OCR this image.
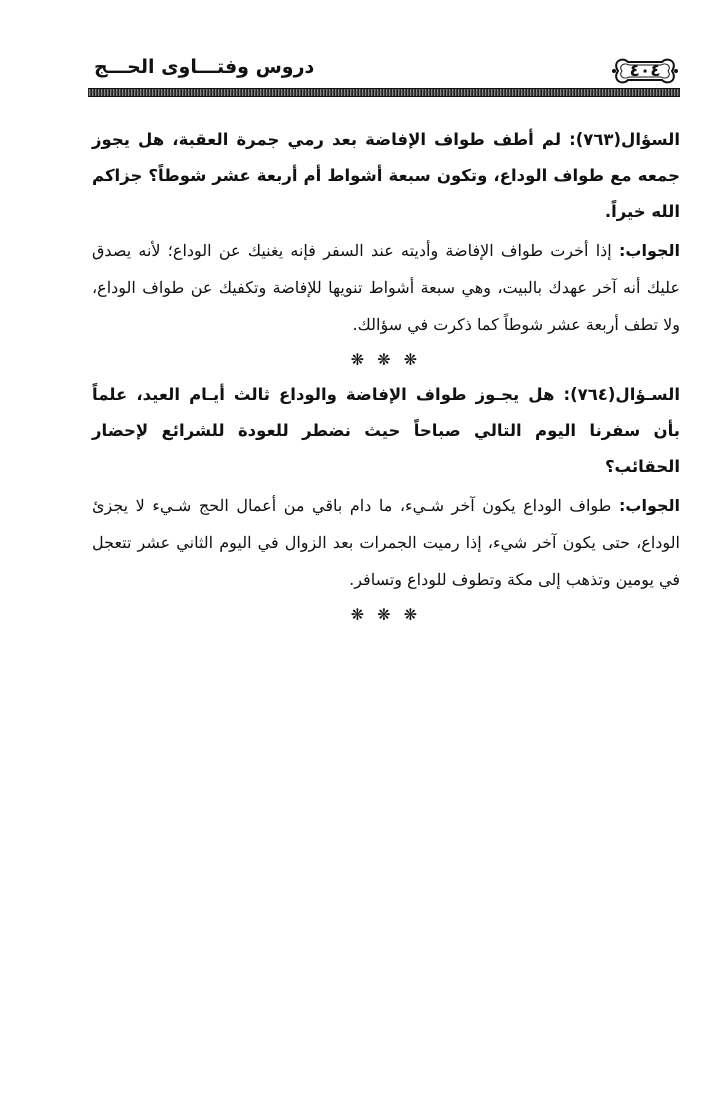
٤٠٤
دروس وفتـــاوى الحـــج

السؤال(٧٦٣): لم أطف طواف الإفاضة بعد رمي جمرة العقبة، هل يجوز جمعه مع طواف الوداع، وتكون سبعة أشواط أم أربعة عشر شوطاً؟ جزاكم الله خيراً.

الجواب: إذا أخرت طواف الإفاضة وأديته عند السفر فإنه يغنيك عن الوداع؛ لأنه يصدق عليك أنه آخر عهدك بالبيت، وهي سبعة أشواط تنويها للإفاضة وتكفيك عن طواف الوداع، ولا تطف أربعة عشر شوطاً كما ذكرت في سؤالك.

❋ ❋ ❋

السـؤال(٧٦٤): هل يجـوز طواف الإفاضة والوداع ثالث أيـام العيد، علماً بأن سفرنا اليوم التالي صباحاً حيث نضطر للعودة للشرائع لإحضار الحقائب؟

الجواب: طواف الوداع يكون آخر شـيء، ما دام باقي من أعمال الحج شـيء لا يجزئ الوداع، حتى يكون آخر شيء، إذا رميت الجمرات بعد الزوال في اليوم الثاني عشر تتعجل في يومين وتذهب إلى مكة وتطوف للوداع وتسافر.

❋ ❋ ❋
